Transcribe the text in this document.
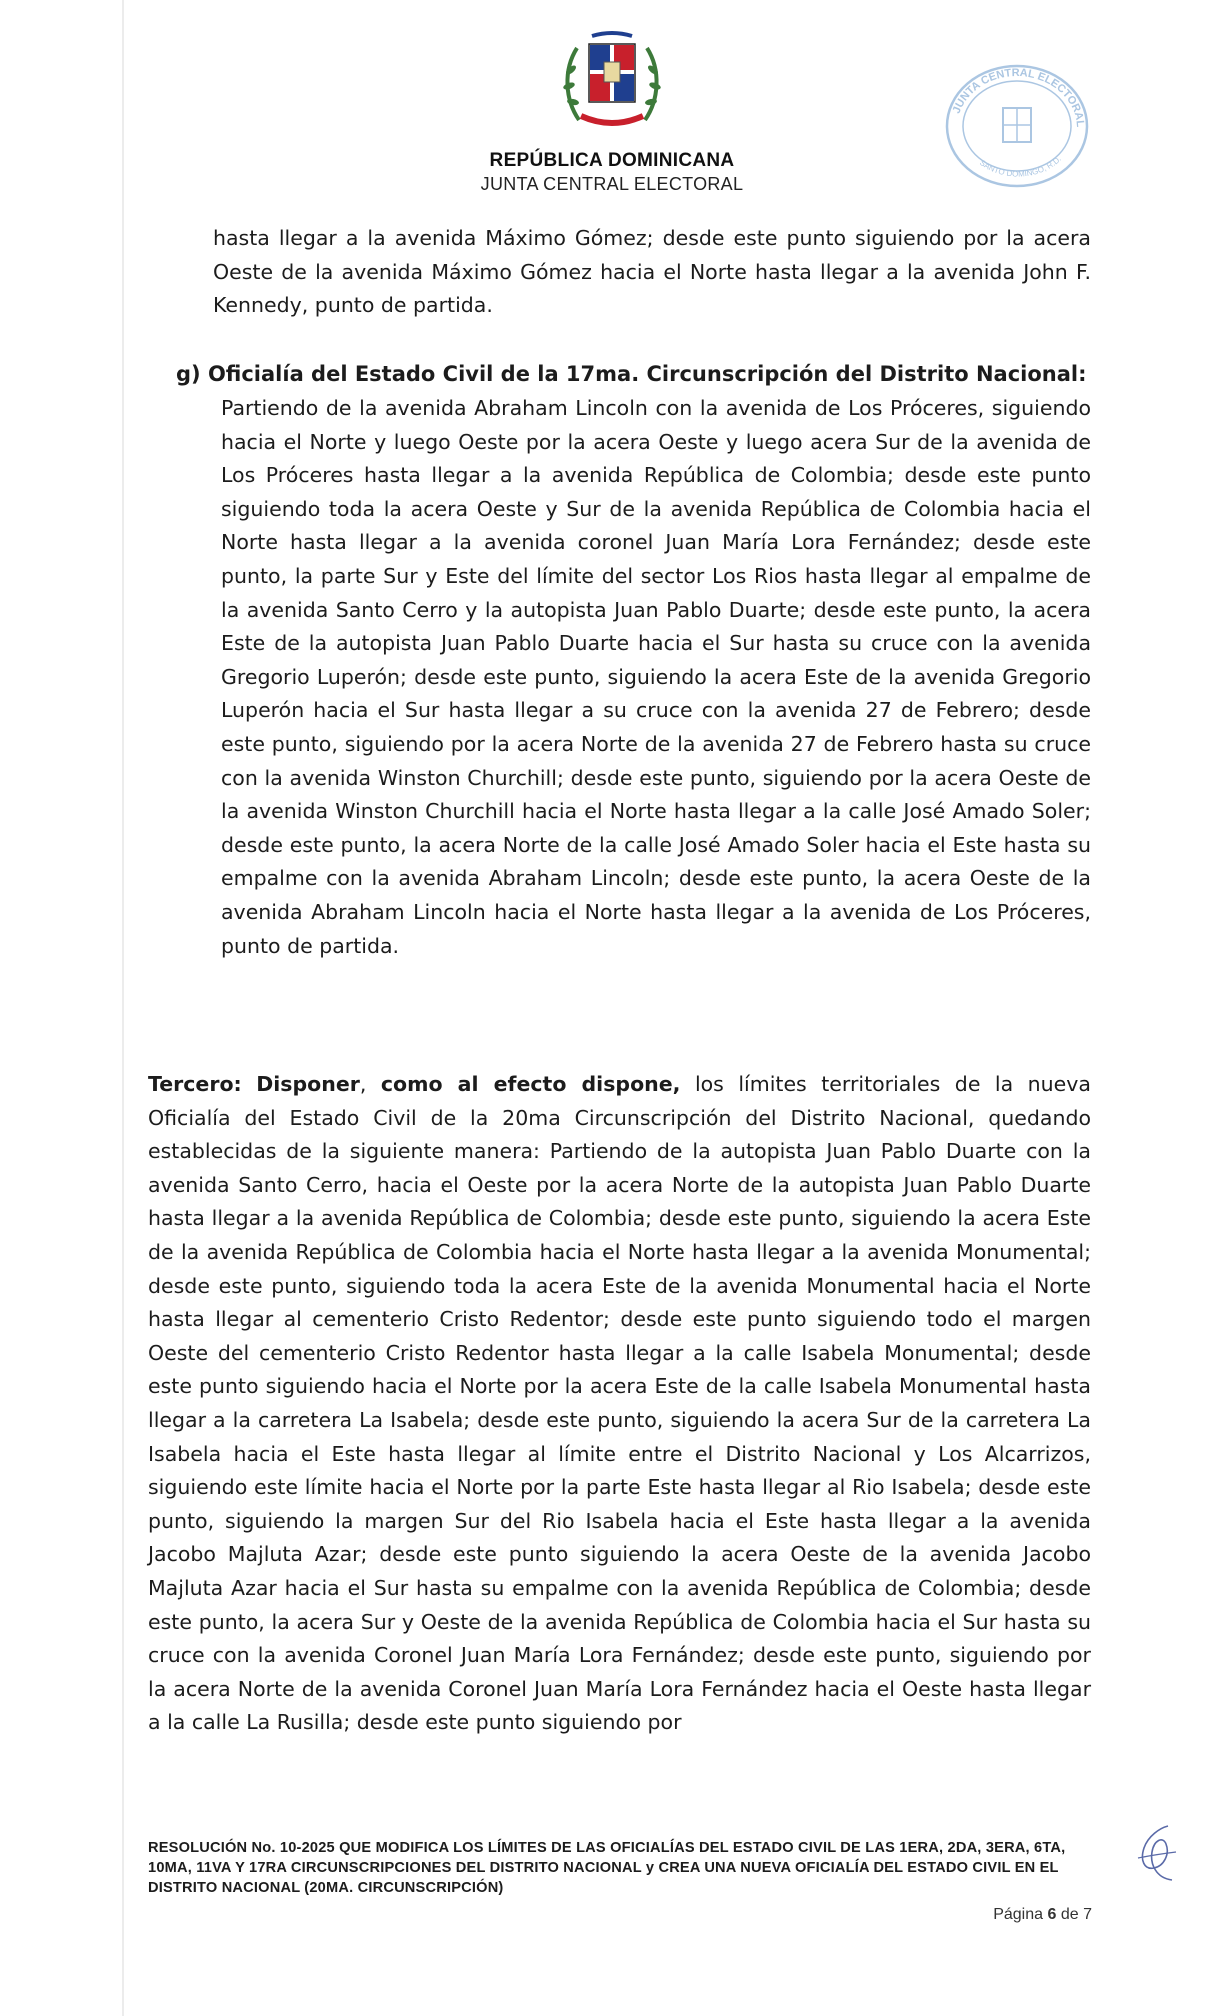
REPÚBLICA DOMINICANA
JUNTA CENTRAL ELECTORAL
JUNTA CENTRAL ELECTORAL
SANTO DOMINGO, R.D.
hasta llegar a la avenida Máximo Gómez; desde este punto siguiendo por la acera Oeste de la avenida Máximo Gómez hacia el Norte hasta llegar a la avenida John F. Kennedy, punto de partida.
g) Oficialía del Estado Civil de la 17ma. Circunscripción del Distrito Nacional:
Partiendo de la avenida Abraham Lincoln con la avenida de Los Próceres, siguiendo hacia el Norte y luego Oeste por la acera Oeste y luego acera Sur de la avenida de Los Próceres hasta llegar a la avenida República de Colombia; desde este punto siguiendo toda la acera Oeste y Sur de la avenida República de Colombia hacia el Norte hasta llegar a la avenida coronel Juan María Lora Fernández; desde este punto, la parte Sur y Este del límite del sector Los Rios hasta llegar al empalme de la avenida Santo Cerro y la autopista Juan Pablo Duarte; desde este punto, la acera Este de la autopista Juan Pablo Duarte hacia el Sur hasta su cruce con la avenida Gregorio Luperón; desde este punto, siguiendo la acera Este de la avenida Gregorio Luperón hacia el Sur hasta llegar a su cruce con la avenida 27 de Febrero; desde este punto, siguiendo por la acera Norte de la avenida 27 de Febrero hasta su cruce con la avenida Winston Churchill; desde este punto, siguiendo por la acera Oeste de la avenida Winston Churchill hacia el Norte hasta llegar a la calle José Amado Soler; desde este punto, la acera Norte de la calle José Amado Soler hacia el Este hasta su empalme con la avenida Abraham Lincoln; desde este punto, la acera Oeste de la avenida Abraham Lincoln hacia el Norte hasta llegar a la avenida de Los Próceres, punto de partida.
Tercero: Disponer, como al efecto dispone, los límites territoriales de la nueva Oficialía del Estado Civil de la 20ma Circunscripción del Distrito Nacional, quedando establecidas de la siguiente manera: Partiendo de la autopista Juan Pablo Duarte con la avenida Santo Cerro, hacia el Oeste por la acera Norte de la autopista Juan Pablo Duarte hasta llegar a la avenida República de Colombia; desde este punto, siguiendo la acera Este de la avenida República de Colombia hacia el Norte hasta llegar a la avenida Monumental; desde este punto, siguiendo toda la acera Este de la avenida Monumental hacia el Norte hasta llegar al cementerio Cristo Redentor; desde este punto siguiendo todo el margen Oeste del cementerio Cristo Redentor hasta llegar a la calle Isabela Monumental; desde este punto siguiendo hacia el Norte por la acera Este de la calle Isabela Monumental hasta llegar a la carretera La Isabela; desde este punto, siguiendo la acera Sur de la carretera La Isabela hacia el Este hasta llegar al límite entre el Distrito Nacional y Los Alcarrizos, siguiendo este límite hacia el Norte por la parte Este hasta llegar al Rio Isabela; desde este punto, siguiendo la margen Sur del Rio Isabela hacia el Este hasta llegar a la avenida Jacobo Majluta Azar; desde este punto siguiendo la acera Oeste de la avenida Jacobo Majluta Azar hacia el Sur hasta su empalme con la avenida República de Colombia; desde este punto, la acera Sur y Oeste de la avenida República de Colombia hacia el Sur hasta su cruce con la avenida Coronel Juan María Lora Fernández; desde este punto, siguiendo por la acera Norte de la avenida Coronel Juan María Lora Fernández hacia el Oeste hasta llegar a la calle La Rusilla; desde este punto siguiendo por
RESOLUCIÓN No. 10-2025 QUE MODIFICA LOS LÍMITES DE LAS OFICIALÍAS DEL ESTADO CIVIL DE LAS 1ERA, 2DA, 3ERA, 6TA, 10MA, 11VA Y 17RA CIRCUNSCRIPCIONES DEL DISTRITO NACIONAL y CREA UNA NUEVA OFICIALÍA DEL ESTADO CIVIL EN EL DISTRITO NACIONAL (20MA. CIRCUNSCRIPCIÓN)
Página 6 de 7
